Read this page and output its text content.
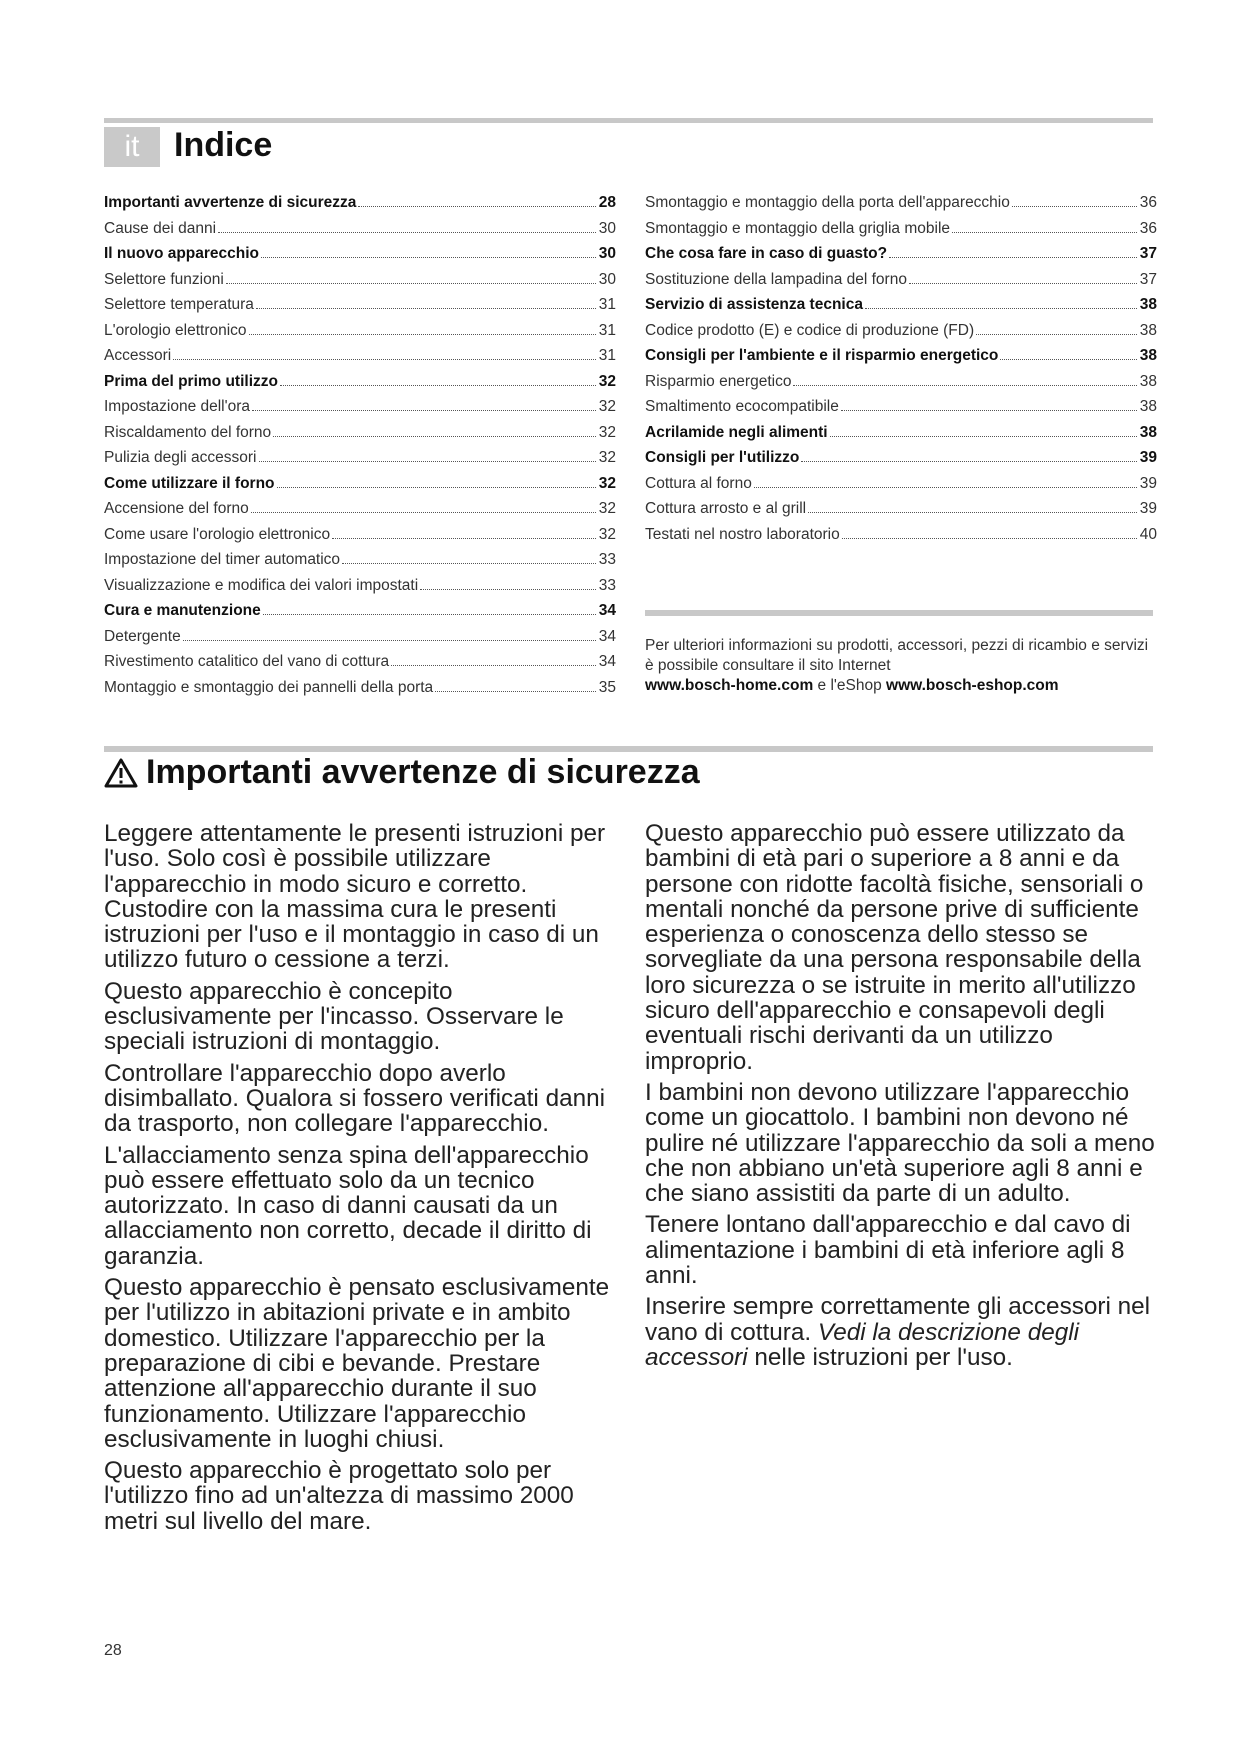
it	Indice
Importanti avvertenze di sicurezza	28
Cause dei danni	30
Il nuovo apparecchio	30
Selettore funzioni	30
Selettore temperatura	31
L'orologio elettronico	31
Accessori	31
Prima del primo utilizzo	32
Impostazione dell'ora	32
Riscaldamento del forno	32
Pulizia degli accessori	32
Come utilizzare il forno	32
Accensione del forno	32
Come usare l'orologio elettronico	32
Impostazione del timer automatico	33
Visualizzazione e modifica dei valori impostati	33
Cura e manutenzione	34
Detergente	34
Rivestimento catalitico del vano di cottura	34
Montaggio e smontaggio dei pannelli della porta	35
Smontaggio e montaggio della porta dell'apparecchio	36
Smontaggio e montaggio della griglia mobile	36
Che cosa fare in caso di guasto?	37
Sostituzione della lampadina del forno	37
Servizio di assistenza tecnica	38
Codice prodotto (E) e codice di produzione (FD)	38
Consigli per l'ambiente e il risparmio energetico	38
Risparmio energetico	38
Smaltimento ecocompatibile	38
Acrilamide negli alimenti	38
Consigli per l'utilizzo	39
Cottura al forno	39
Cottura arrosto e al grill	39
Testati nel nostro laboratorio	40
Per ulteriori informazioni su prodotti, accessori, pezzi di ricambio e servizi è possibile consultare il sito Internet
www.bosch-home.com e l'eShop www.bosch-eshop.com
Importanti avvertenze di sicurezza

Leggere attentamente le presenti istruzioni per l'uso. Solo così è possibile utilizzare l'apparecchio in modo sicuro e corretto. Custodire con la massima cura le presenti istruzioni per l'uso e il montaggio in caso di un utilizzo futuro o cessione a terzi.

Questo apparecchio è concepito esclusivamente per l'incasso. Osservare le speciali istruzioni di montaggio.

Controllare l'apparecchio dopo averlo disimballato. Qualora si fossero verificati danni da trasporto, non collegare l'apparecchio.

L'allacciamento senza spina dell'apparecchio può essere effettuato solo da un tecnico autorizzato. In caso di danni causati da un allacciamento non corretto, decade il diritto di garanzia.

Questo apparecchio è pensato esclusivamente per l'utilizzo in abitazioni private e in ambito domestico. Utilizzare l'apparecchio per la preparazione di cibi e bevande. Prestare attenzione all'apparecchio durante il suo funzionamento. Utilizzare l'apparecchio esclusivamente in luoghi chiusi.

Questo apparecchio è progettato solo per l'utilizzo fino ad un'altezza di massimo 2000 metri sul livello del mare.

Questo apparecchio può essere utilizzato da bambini di età pari o superiore a 8 anni e da persone con ridotte facoltà fisiche, sensoriali o mentali nonché da persone prive di sufficiente esperienza o conoscenza dello stesso se sorvegliate da una persona responsabile della loro sicurezza o se istruite in merito all'utilizzo sicuro dell'apparecchio e consapevoli degli eventuali rischi derivanti da un utilizzo improprio.

I bambini non devono utilizzare l'apparecchio come un giocattolo. I bambini non devono né pulire né utilizzare l'apparecchio da soli a meno che non abbiano un'età superiore agli 8 anni e che siano assistiti da parte di un adulto.

Tenere lontano dall'apparecchio e dal cavo di alimentazione i bambini di età inferiore agli 8 anni.

Inserire sempre correttamente gli accessori nel vano di cottura. Vedi la descrizione degli accessori nelle istruzioni per l'uso.

28
